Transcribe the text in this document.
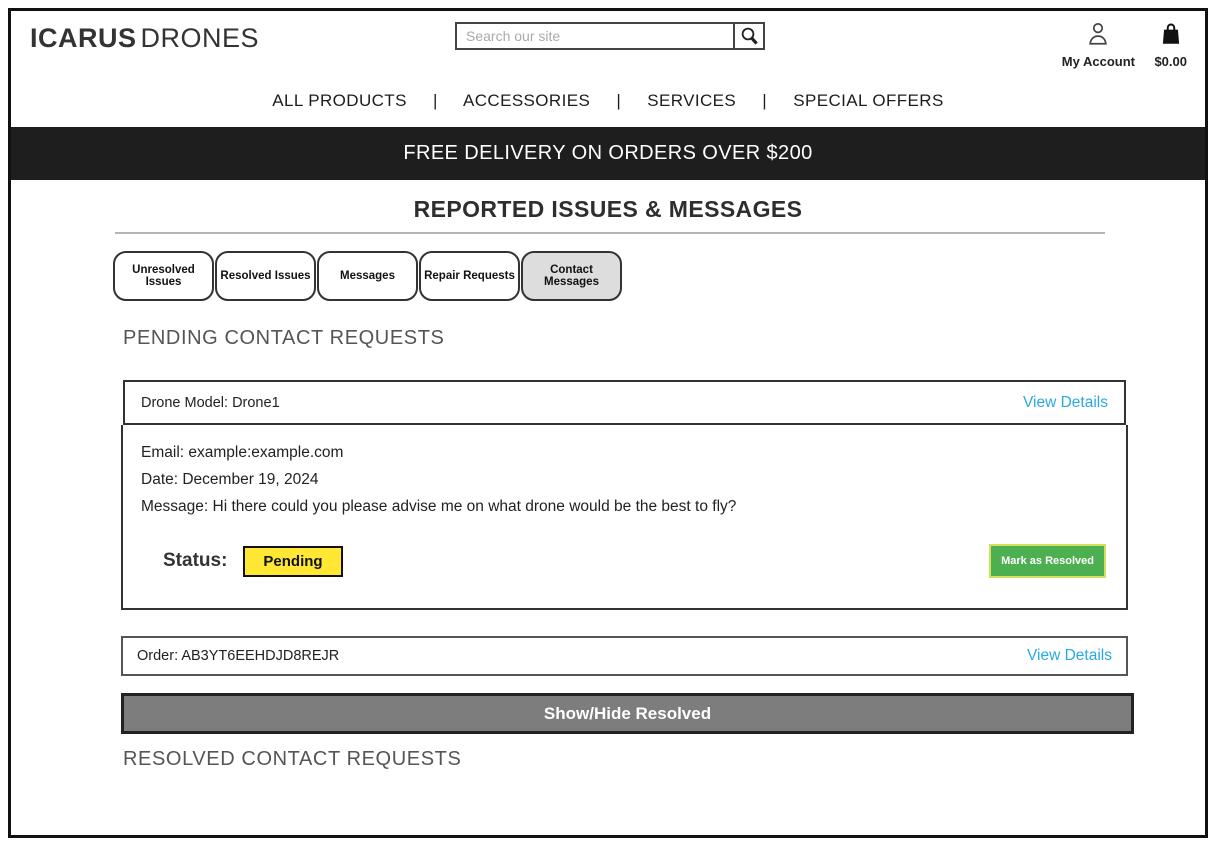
ICARUS DRONES
Search our site
My Account $0.00
ALL PRODUCTS | ACCESSORIES | SERVICES | SPECIAL OFFERS
FREE DELIVERY ON ORDERS OVER $200
REPORTED ISSUES & MESSAGES
Unresolved Issues	Resolved Issues	Messages	Repair Requests	Contact Messages
PENDING CONTACT REQUESTS
Drone Model: Drone1	View Details

Email: example:example.com

Date: December 19, 2024

Message: Hi there could you please advise me on what drone would be the best to fly?

Status:	Pending	Mark as Resolved
Order: AB3YT6EEHDJD8REJR	View Details
Show/Hide Resolved
RESOLVED CONTACT REQUESTS
